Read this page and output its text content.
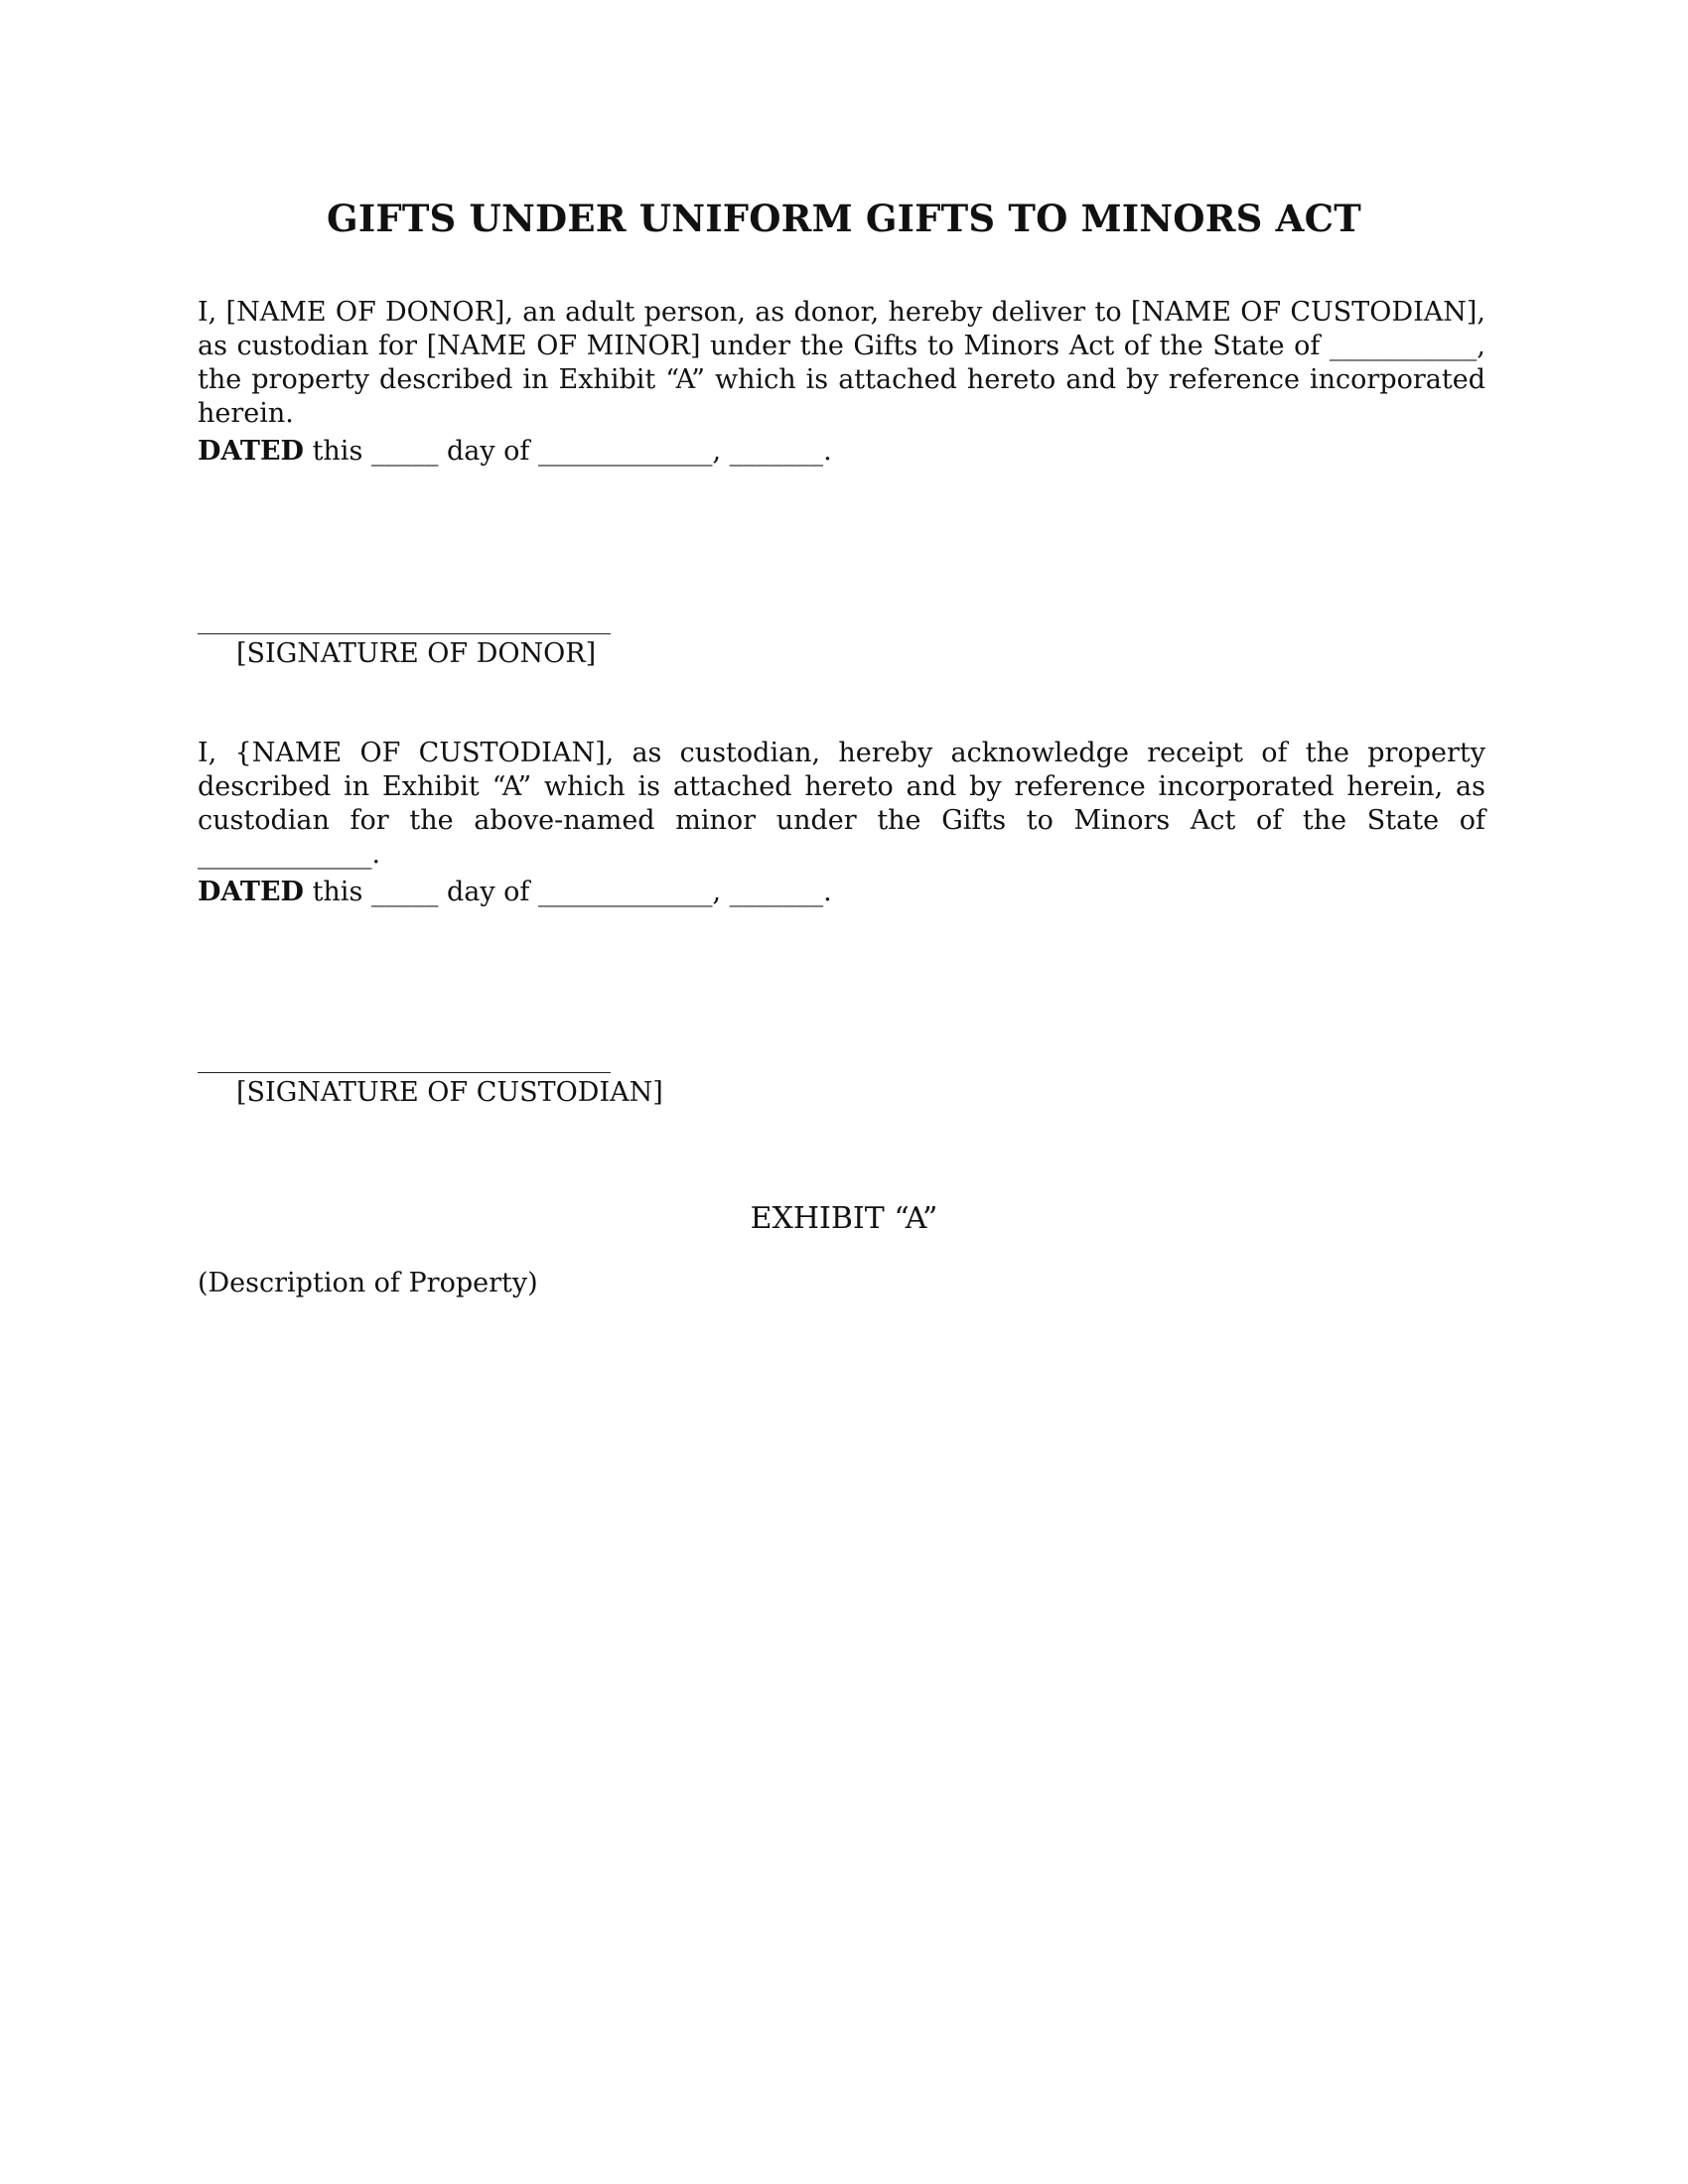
GIFTS UNDER UNIFORM GIFTS TO MINORS ACT
I, [NAME OF DONOR], an adult person, as donor, hereby deliver to [NAME OF CUSTODIAN], as custodian for [NAME OF MINOR] under the Gifts to Minors Act of the State of ___________, the property described in Exhibit “A” which is attached hereto and by reference incorporated herein.
DATED this _____ day of _____________, _______.
[SIGNATURE OF DONOR]
I, {NAME OF CUSTODIAN], as custodian, hereby acknowledge receipt of the property described in Exhibit “A” which is attached hereto and by reference incorporated herein, as custodian for the above-named minor under the Gifts to Minors Act of the State of _____________.
DATED this _____ day of _____________, _______.
[SIGNATURE OF CUSTODIAN]
EXHIBIT “A”
(Description of Property)
